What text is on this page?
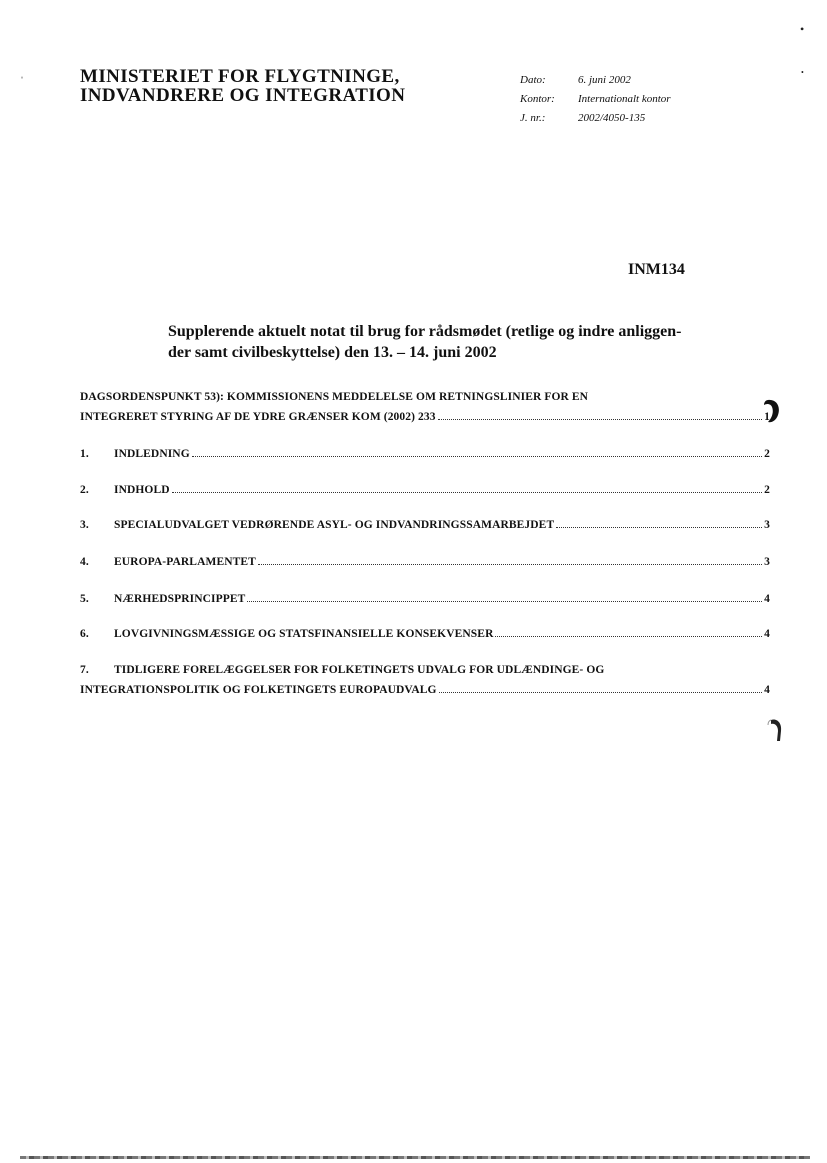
MINISTERIET FOR FLYGTNINGE,
INDVANDRERE OG INTEGRATION
Dato:	6. juni 2002
Kontor:	Internationalt kontor
J. nr.:	2002/4050-135
INM134
Supplerende aktuelt notat til brug for rådsmødet (retlige og indre anliggen-
der samt civilbeskyttelse) den 13. – 14. juni 2002
DAGSORDENSPUNKT 53): KOMMISSIONENS MEDDELELSE OM RETNINGSLINIER FOR EN
INTEGRERET STYRING AF DE YDRE GRÆNSER KOM (2002) 233	1
1.	INDLEDNING	2
2.	INDHOLD	2
3.	SPECIALUDVALGET VEDRØRENDE ASYL- OG INDVANDRINGSSAMARBEJDET	3
4.	EUROPA-PARLAMENTET	3
5.	NÆRHEDSPRINCIPPET	4
6.	LOVGIVNINGSMÆSSIGE OG STATSFINANSIELLE KONSEKVENSER	4
7.	TIDLIGERE FORELÆGGELSER FOR FOLKETINGETS UDVALG FOR UDLÆNDINGE- OG
INTEGRATIONSPOLITIK OG FOLKETINGETS EUROPAUDVALG	4
ˈ
•
•
